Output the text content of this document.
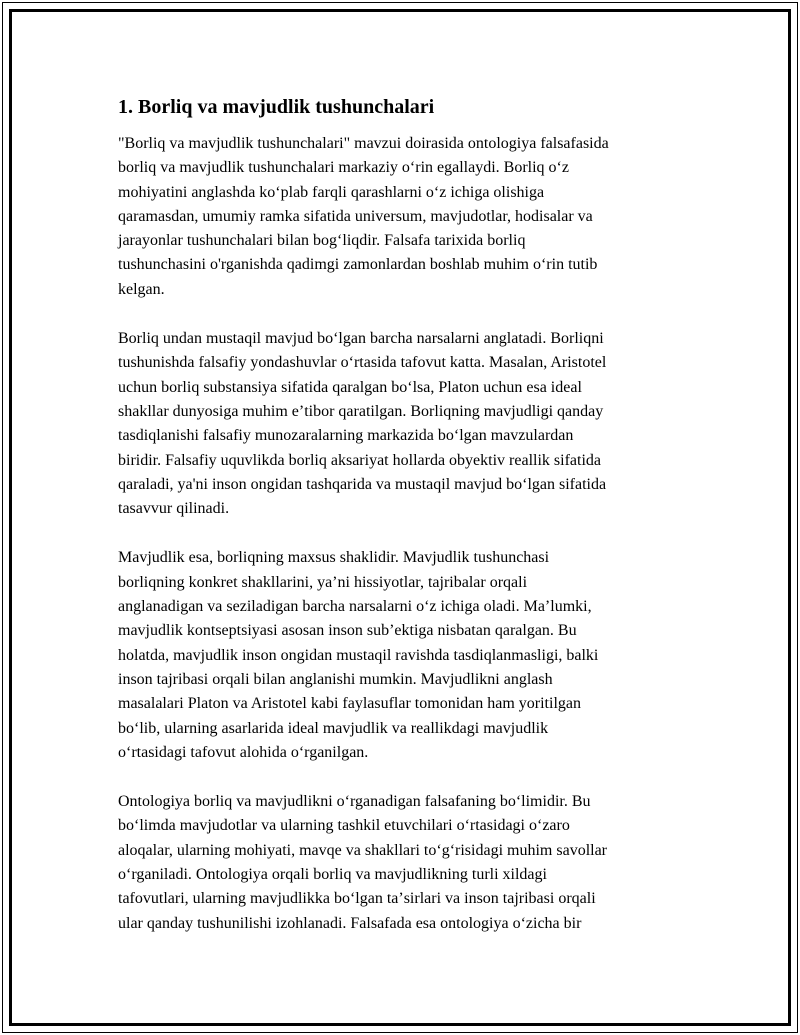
1. Borliq va mavjudlik tushunchalari

"Borliq va mavjudlik tushunchalari" mavzui doirasida ontologiya falsafasida
borliq va mavjudlik tushunchalari markaziy oʻrin egallaydi. Borliq oʻz
mohiyatini anglashda koʻplab farqli qarashlarni oʻz ichiga olishiga
qaramasdan, umumiy ramka sifatida universum, mavjudotlar, hodisalar va
jarayonlar tushunchalari bilan bogʻliqdir. Falsafa tarixida borliq
tushunchasini o'rganishda qadimgi zamonlardan boshlab muhim oʻrin tutib
kelgan.

Borliq undan mustaqil mavjud boʻlgan barcha narsalarni anglatadi. Borliqni
tushunishda falsafiy yondashuvlar oʻrtasida tafovut katta. Masalan, Aristotel
uchun borliq substansiya sifatida qaralgan boʻlsa, Platon uchun esa ideal
shakllar dunyosiga muhim eʼtibor qaratilgan. Borliqning mavjudligi qanday
tasdiqlanishi falsafiy munozaralarning markazida boʻlgan mavzulardan
biridir. Falsafiy uquvlikda borliq aksariyat hollarda obyektiv reallik sifatida
qaraladi, ya'ni inson ongidan tashqarida va mustaqil mavjud boʻlgan sifatida
tasavvur qilinadi.

Mavjudlik esa, borliqning maxsus shaklidir. Mavjudlik tushunchasi
borliqning konkret shakllarini, yaʼni hissiyotlar, tajribalar orqali
anglanadigan va seziladigan barcha narsalarni oʻz ichiga oladi. Maʼlumki,
mavjudlik kontseptsiyasi asosan inson subʼektiga nisbatan qaralgan. Bu
holatda, mavjudlik inson ongidan mustaqil ravishda tasdiqlanmasligi, balki
inson tajribasi orqali bilan anglanishi mumkin. Mavjudlikni anglash
masalalari Platon va Aristotel kabi faylasuflar tomonidan ham yoritilgan
boʻlib, ularning asarlarida ideal mavjudlik va reallikdagi mavjudlik
oʻrtasidagi tafovut alohida oʻrganilgan.

Ontologiya borliq va mavjudlikni oʻrganadigan falsafaning boʻlimidir. Bu
boʻlimda mavjudotlar va ularning tashkil etuvchilari oʻrtasidagi oʻzaro
aloqalar, ularning mohiyati, mavqe va shakllari toʻgʻrisidagi muhim savollar
oʻrganiladi. Ontologiya orqali borliq va mavjudlikning turli xildagi
tafovutlari, ularning mavjudlikka boʻlgan taʼsirlari va inson tajribasi orqali
ular qanday tushunilishi izohlanadi. Falsafada esa ontologiya oʻzicha bir
